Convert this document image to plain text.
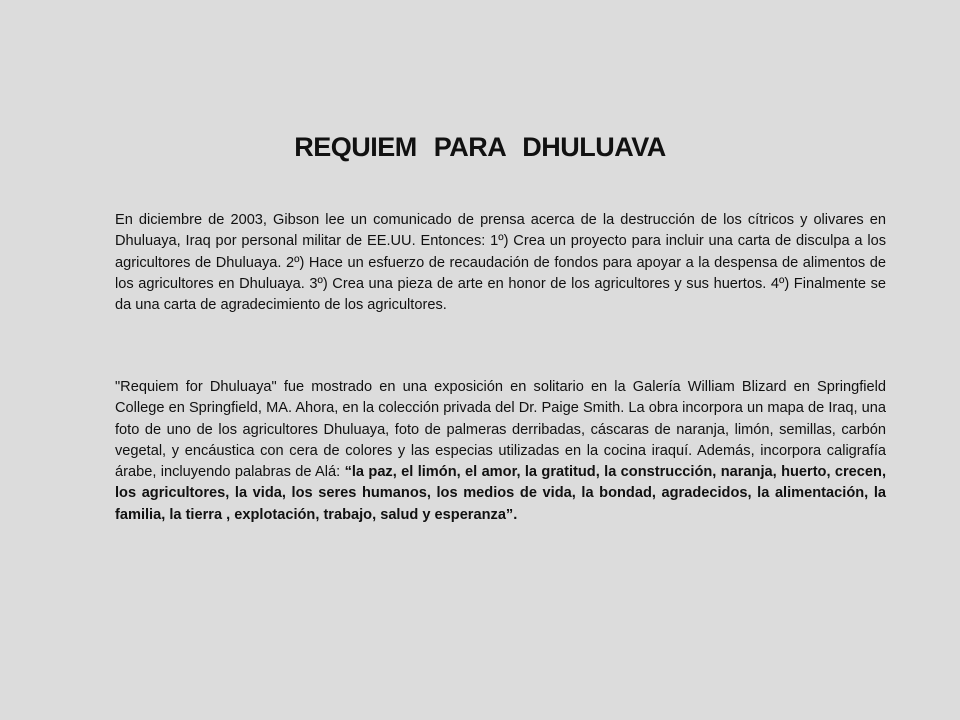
REQUIEM PARA DHULUAVA

En diciembre de 2003, Gibson lee un comunicado de prensa acerca de la destrucción de los cítricos y olivares en Dhuluaya, Iraq por personal militar de EE.UU. Entonces: 1º) Crea un proyecto para incluir una carta de disculpa a los agricultores de Dhuluaya. 2º) Hace un esfuerzo de recaudación de fondos para apoyar a la despensa de alimentos de los agricultores en Dhuluaya. 3º) Crea una pieza de arte en honor de los agricultores y sus huertos. 4º) Finalmente se da una carta de agradecimiento de los agricultores.

"Requiem for Dhuluaya" fue mostrado en una exposición en solitario en la Galería William Blizard en Springfield College en Springfield, MA. Ahora, en la colección privada del Dr. Paige Smith. La obra incorpora un mapa de Iraq, una foto de uno de los agricultores Dhuluaya, foto de palmeras derribadas, cáscaras de naranja, limón, semillas, carbón vegetal, y encáustica con cera de colores y las especias utilizadas en la cocina iraquí. Además, incorpora caligrafía árabe, incluyendo palabras de Alá: “la paz, el limón, el amor, la gratitud, la construcción, naranja, huerto, crecen, los agricultores, la vida, los seres humanos, los medios de vida, la bondad, agradecidos, la alimentación, la familia, la tierra , explotación, trabajo, salud y esperanza”.
